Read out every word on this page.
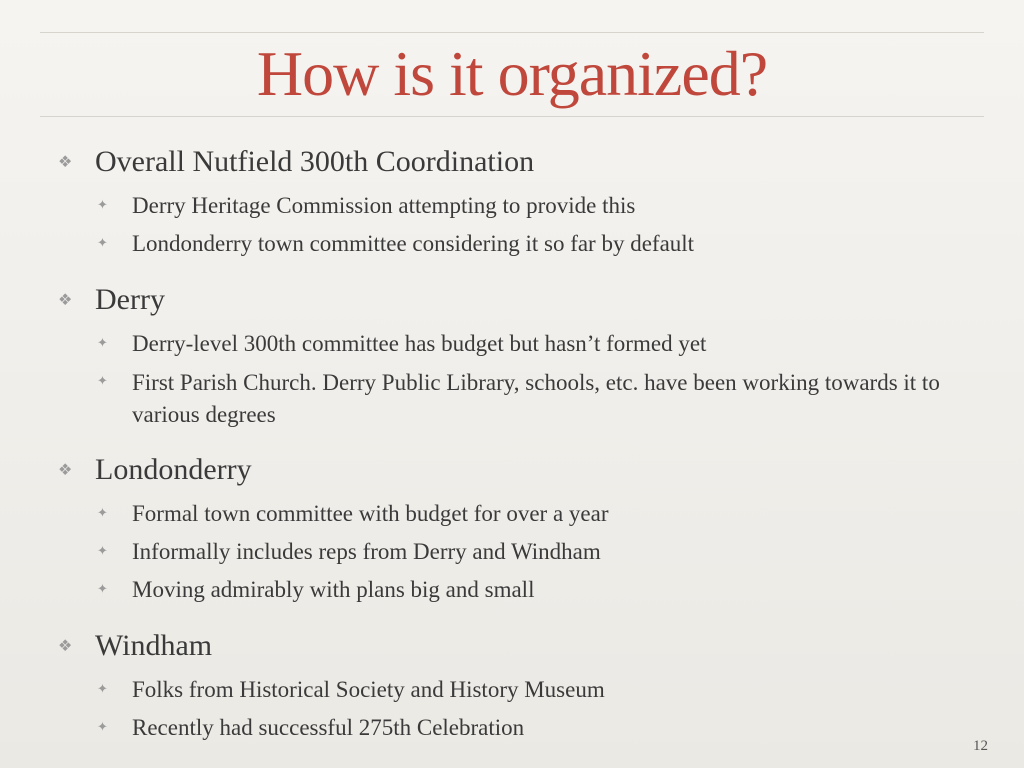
How is it organized?
❖ Overall Nutfield 300th Coordination
✦ Derry Heritage Commission attempting to provide this
✦ Londonderry town committee considering it so far by default
❖ Derry
✦ Derry-level 300th committee has budget but hasn’t formed yet
✦ First Parish Church. Derry Public Library, schools, etc. have been working towards it to various degrees
❖ Londonderry
✦ Formal town committee with budget for over a year
✦ Informally includes reps from Derry and Windham
✦ Moving admirably with plans big and small
❖ Windham
✦ Folks from Historical Society and History Museum
✦ Recently had successful 275th Celebration
12
